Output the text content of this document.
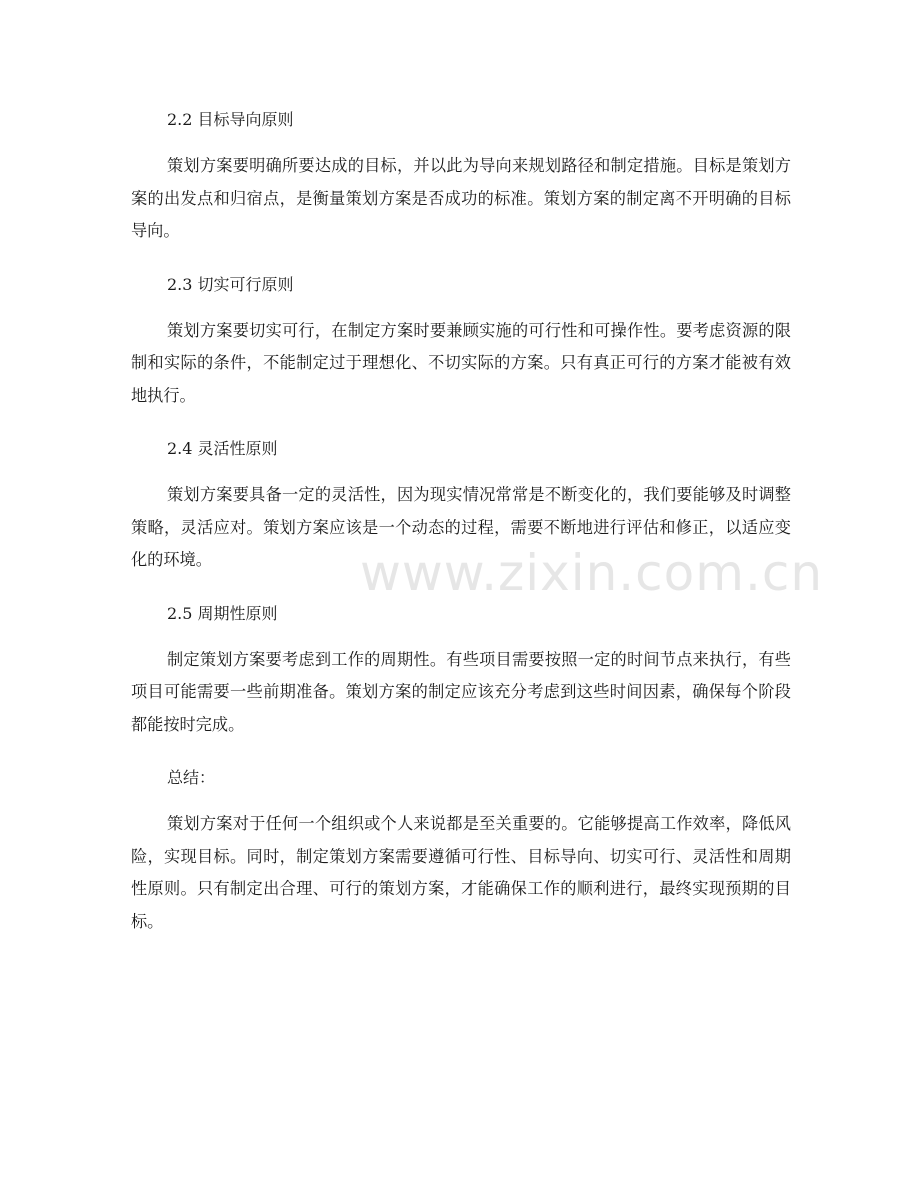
www.zixin.com.cn

2.2 目标导向原则

策划方案要明确所要达成的目标，并以此为导向来规划路径和制定措施。目标是策划方案的出发点和归宿点，是衡量策划方案是否成功的标准。策划方案的制定离不开明确的目标导向。

2.3 切实可行原则

策划方案要切实可行，在制定方案时要兼顾实施的可行性和可操作性。要考虑资源的限制和实际的条件，不能制定过于理想化、不切实际的方案。只有真正可行的方案才能被有效地执行。

2.4 灵活性原则

策划方案要具备一定的灵活性，因为现实情况常常是不断变化的，我们要能够及时调整策略，灵活应对。策划方案应该是一个动态的过程，需要不断地进行评估和修正，以适应变化的环境。

2.5 周期性原则

制定策划方案要考虑到工作的周期性。有些项目需要按照一定的时间节点来执行，有些项目可能需要一些前期准备。策划方案的制定应该充分考虑到这些时间因素，确保每个阶段都能按时完成。

总结：

策划方案对于任何一个组织或个人来说都是至关重要的。它能够提高工作效率，降低风险，实现目标。同时，制定策划方案需要遵循可行性、目标导向、切实可行、灵活性和周期性原则。只有制定出合理、可行的策划方案，才能确保工作的顺利进行，最终实现预期的目标。
